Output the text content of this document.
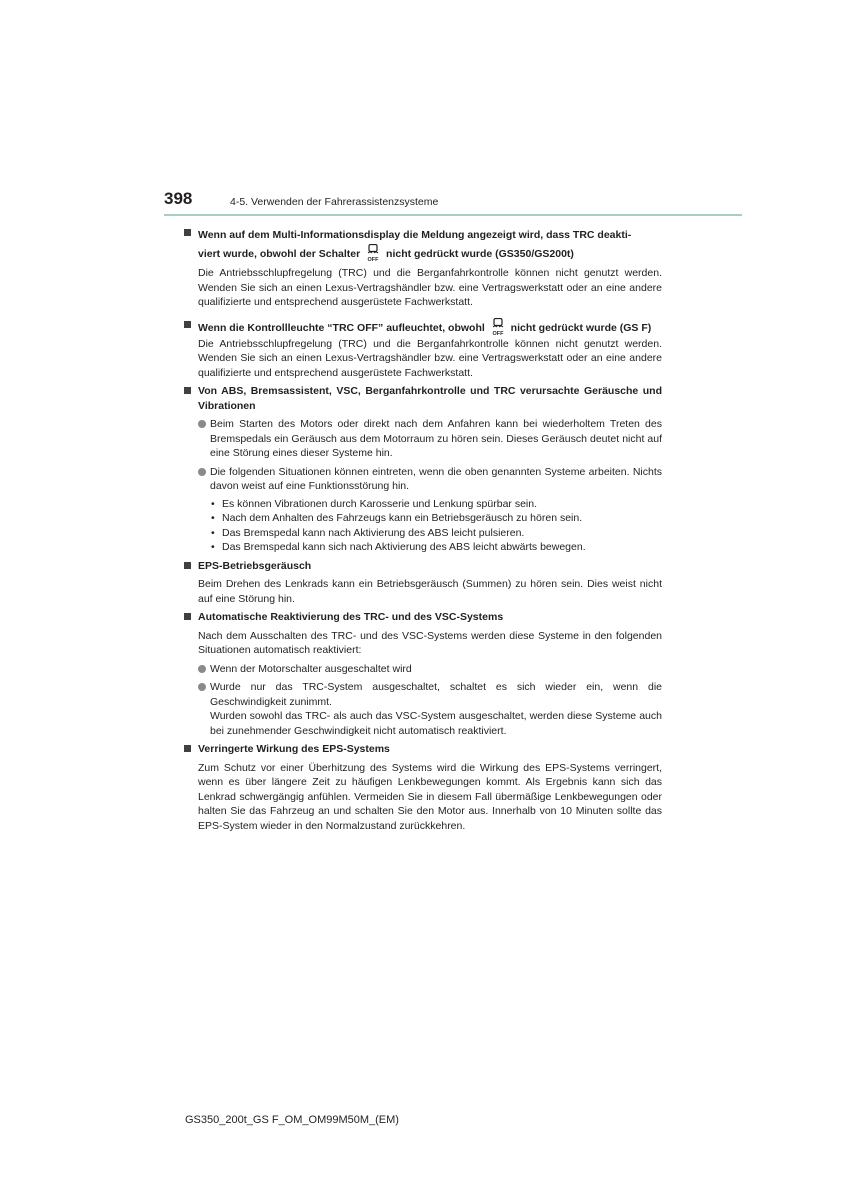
398	4-5. Verwenden der Fahrerassistenzsysteme
Wenn auf dem Multi-Informationsdisplay die Meldung angezeigt wird, dass TRC deakti-
viert wurde, obwohl der Schalter OFF nicht gedrückt wurde (GS350/GS200t)
Die Antriebsschlupfregelung (TRC) und die Berganfahrkontrolle können nicht genutzt werden. Wenden Sie sich an einen Lexus-Vertragshändler bzw. eine Vertragswerkstatt oder an eine andere qualifizierte und entsprechend ausgerüstete Fachwerkstatt.
Wenn die Kontrollleuchte “TRC OFF” aufleuchtet, obwohl OFF nicht gedrückt wurde (GS F)
Die Antriebsschlupfregelung (TRC) und die Berganfahrkontrolle können nicht genutzt werden. Wenden Sie sich an einen Lexus-Vertragshändler bzw. eine Vertragswerkstatt oder an eine andere qualifizierte und entsprechend ausgerüstete Fachwerkstatt.
Von ABS, Bremsassistent, VSC, Berganfahrkontrolle und TRC verursachte Geräusche und Vibrationen
Beim Starten des Motors oder direkt nach dem Anfahren kann bei wiederholtem Treten des Bremspedals ein Geräusch aus dem Motorraum zu hören sein. Dieses Geräusch deutet nicht auf eine Störung eines dieser Systeme hin.
Die folgenden Situationen können eintreten, wenn die oben genannten Systeme arbeiten. Nichts davon weist auf eine Funktionsstörung hin.
• Es können Vibrationen durch Karosserie und Lenkung spürbar sein.
• Nach dem Anhalten des Fahrzeugs kann ein Betriebsgeräusch zu hören sein.
• Das Bremspedal kann nach Aktivierung des ABS leicht pulsieren.
• Das Bremspedal kann sich nach Aktivierung des ABS leicht abwärts bewegen.
EPS-Betriebsgeräusch
Beim Drehen des Lenkrads kann ein Betriebsgeräusch (Summen) zu hören sein. Dies weist nicht auf eine Störung hin.
Automatische Reaktivierung des TRC- und des VSC-Systems
Nach dem Ausschalten des TRC- und des VSC-Systems werden diese Systeme in den folgenden Situationen automatisch reaktiviert:
Wenn der Motorschalter ausgeschaltet wird
Wurde nur das TRC-System ausgeschaltet, schaltet es sich wieder ein, wenn die Geschwindigkeit zunimmt.
Wurden sowohl das TRC- als auch das VSC-System ausgeschaltet, werden diese Systeme auch bei zunehmender Geschwindigkeit nicht automatisch reaktiviert.
Verringerte Wirkung des EPS-Systems
Zum Schutz vor einer Überhitzung des Systems wird die Wirkung des EPS-Systems verringert, wenn es über längere Zeit zu häufigen Lenkbewegungen kommt. Als Ergebnis kann sich das Lenkrad schwergängig anfühlen. Vermeiden Sie in diesem Fall übermäßige Lenkbewegungen oder halten Sie das Fahrzeug an und schalten Sie den Motor aus. Innerhalb von 10 Minuten sollte das EPS-System wieder in den Normalzustand zurückkehren.
GS350_200t_GS F_OM_OM99M50M_(EM)
